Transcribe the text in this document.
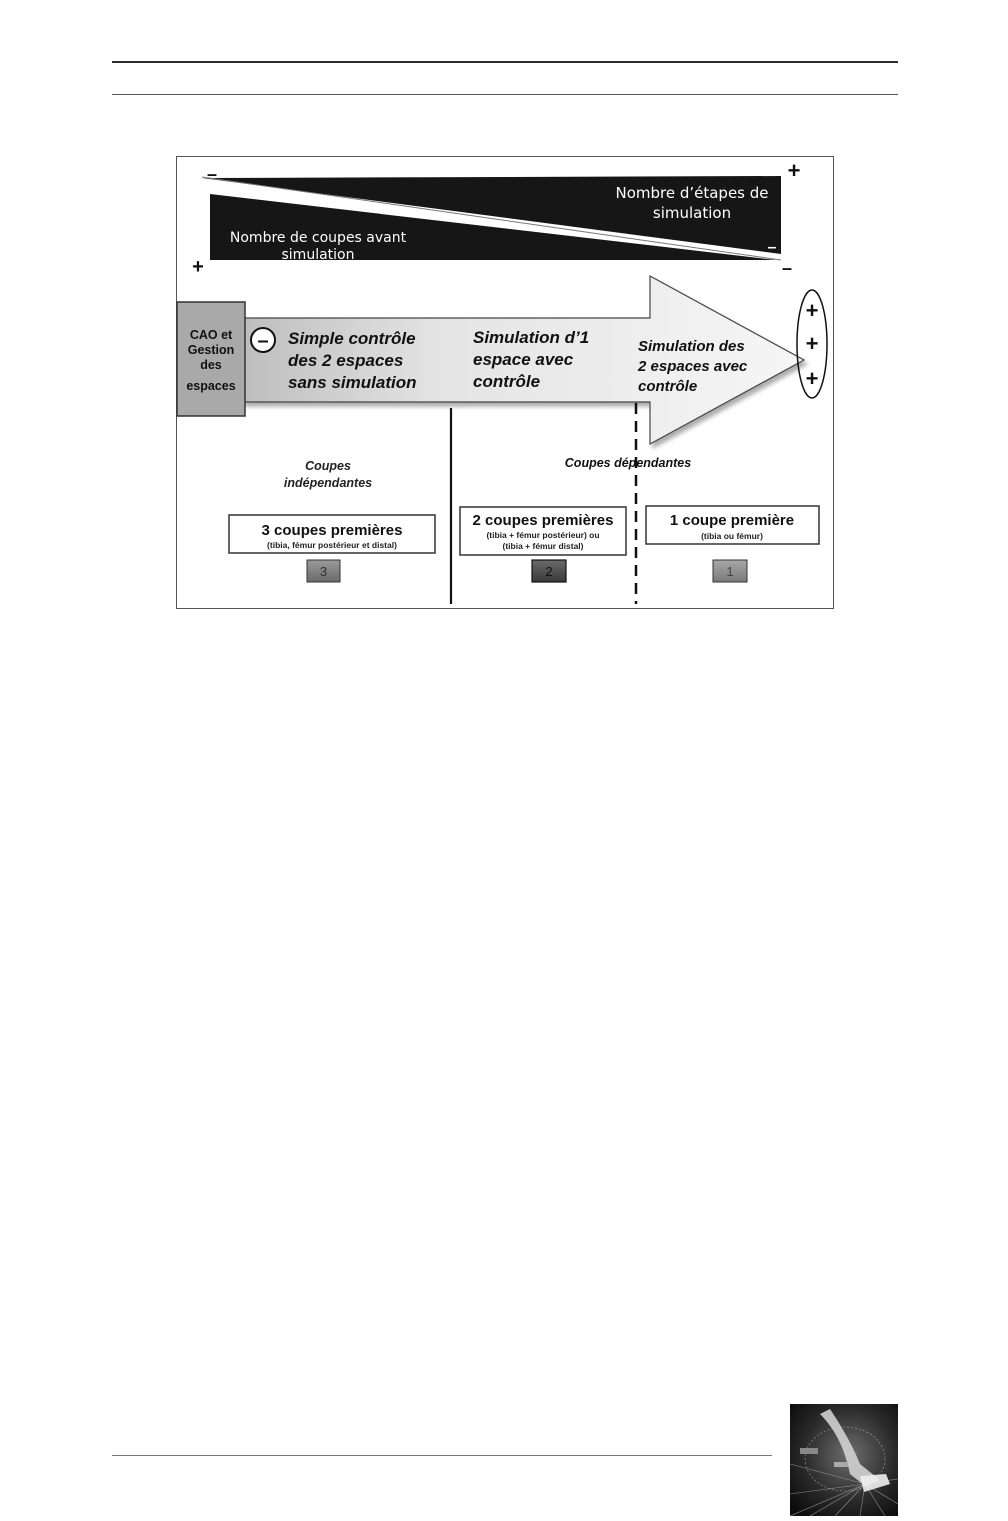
Nombre d’étapes de
simulation
Nombre de coupes avant
simulation
–	+
+	–
–
CAO et
Gestion
des
espaces
– Simple contrôle
des 2 espaces
sans simulation
Simulation d’1
espace avec
contrôle
Simulation des
2 espaces avec
contrôle
+
+
+
Coupes
indépendantes
Coupes dépendantes
3 coupes premières
(tibia, fémur postérieur et distal)
3
2 coupes premières
(tibia + fémur postérieur) ou
(tibia + fémur distal)
2
1 coupe première
(tibia ou fémur)
1
